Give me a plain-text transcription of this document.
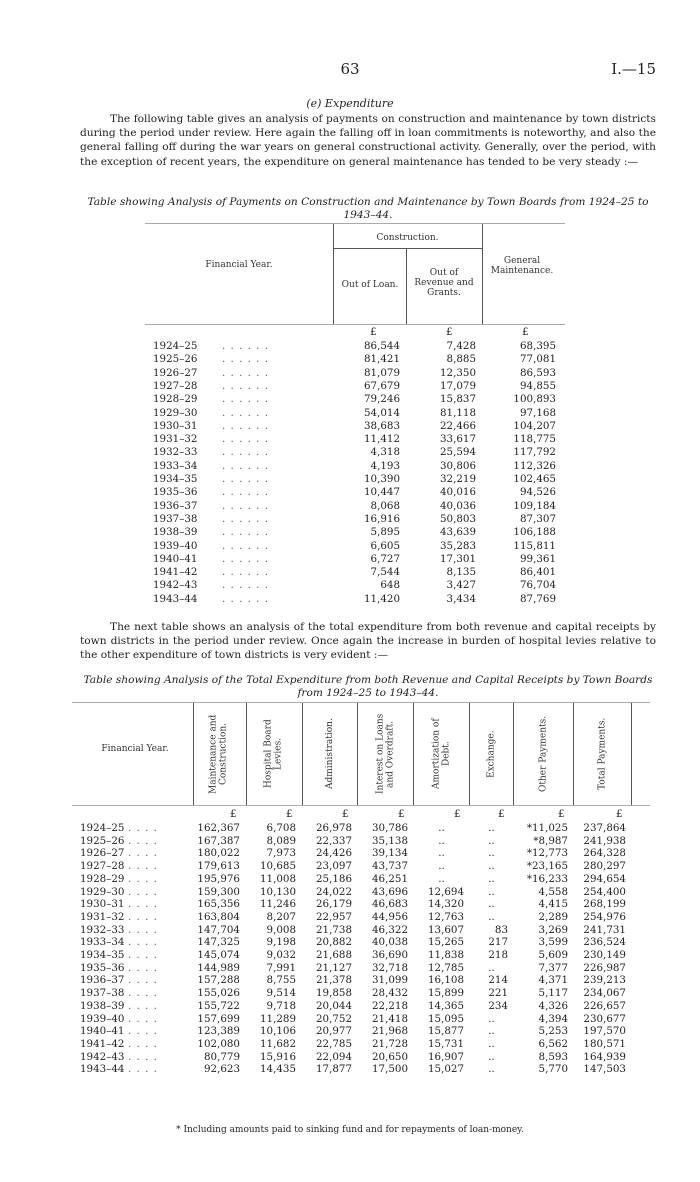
63	I.—15
(e) Expenditure

The following table gives an analysis of payments on construction and maintenance by town districts during the period under review. Here again the falling off in loan commitments is noteworthy, and also the general falling off during the war years on general constructional activity. Generally, over the period, with the exception of recent years, the expenditure on general maintenance has tended to be very steady :—

Table showing Analysis of Payments on Construction and Maintenance by Town Boards from 1924–25 to 1943–44.
Financial Year.
Construction.
Out of Loan.
Out of Revenue and Grants.
General Maintenance.
£	£	£
1924–25 . . . . . .	86,544	7,428	68,395
1925–26 . . . . . .	81,421	8,885	77,081
1926–27 . . . . . .	81,079	12,350	86,593
1927–28 . . . . . .	67,679	17,079	94,855
1928–29 . . . . . .	79,246	15,837	100,893
1929–30 . . . . . .	54,014	81,118	97,168
1930–31 . . . . . .	38,683	22,466	104,207
1931–32 . . . . . .	11,412	33,617	118,775
1932–33 . . . . . .	4,318	25,594	117,792
1933–34 . . . . . .	4,193	30,806	112,326
1934–35 . . . . . .	10,390	32,219	102,465
1935–36 . . . . . .	10,447	40,016	94,526
1936–37 . . . . . .	8,068	40,036	109,184
1937–38 . . . . . .	16,916	50,803	87,307
1938–39 . . . . . .	5,895	43,639	106,188
1939–40 . . . . . .	6,605	35,283	115,811
1940–41 . . . . . .	6,727	17,301	99,361
1941–42 . . . . . .	7,544	8,135	86,401
1942–43 . . . . . .	648	3,427	76,704
1943–44 . . . . . .	11,420	3,434	87,769

The next table shows an analysis of the total expenditure from both revenue and capital receipts by town districts in the period under review. Once again the increase in burden of hospital levies relative to the other expenditure of town districts is very evident :—

Table showing Analysis of the Total Expenditure from both Revenue and Capital Receipts by Town Boards from 1924–25 to 1943–44.
Financial Year.	Maintenance and Construction.
£
Hospital Board Levies.
£
Administration.
£
Interest on Loans and Overdraft.
£
Amortization of Debt.
£
Exchange.
£
Other Payments.
£
Total Payments.
£
1924–25 . . . .	162,367	6,708	26,978	30,786	..	..	*11,025	237,864
1925–26 . . . .	167,387	8,089	22,337	35,138	..	..	*8,987	241,938
1926–27 . . . .	180,022	7,973	24,426	39,134	..	..	*12,773	264,328
1927–28 . . . .	179,613	10,685	23,097	43,737	..	..	*23,165	280,297
1928–29 . . . .	195,976	11,008	25,186	46,251	..	..	*16,233	294,654
1929–30 . . . .	159,300	10,130	24,022	43,696	12,694	..	4,558	254,400
1930–31 . . . .	165,356	11,246	26,179	46,683	14,320	..	4,415	268,199
1931–32 . . . .	163,804	8,207	22,957	44,956	12,763	..	2,289	254,976
1932–33 . . . .	147,704	9,008	21,738	46,322	13,607	83	3,269	241,731
1933–34 . . . .	147,325	9,198	20,882	40,038	15,265	217	3,599	236,524
1934–35 . . . .	145,074	9,032	21,688	36,690	11,838	218	5,609	230,149
1935–36 . . . .	144,989	7,991	21,127	32,718	12,785	..	7,377	226,987
1936–37 . . . .	157,288	8,755	21,378	31,099	16,108	214	4,371	239,213
1937–38 . . . .	155,026	9,514	19,858	28,432	15,899	221	5,117	234,067
1938–39 . . . .	155,722	9,718	20,044	22,218	14,365	234	4,326	226,657
1939–40 . . . .	157,699	11,289	20,752	21,418	15,095	..	4,394	230,677
1940–41 . . . .	123,389	10,106	20,977	21,968	15,877	..	5,253	197,570
1941–42 . . . .	102,080	11,682	22,785	21,728	15,731	..	6,562	180,571
1942–43 . . . .	80,779	15,916	22,094	20,650	16,907	..	8,593	164,939
1943–44 . . . .	92,623	14,435	17,877	17,500	15,027	..	5,770	147,503
* Including amounts paid to sinking fund and for repayments of loan-money.
